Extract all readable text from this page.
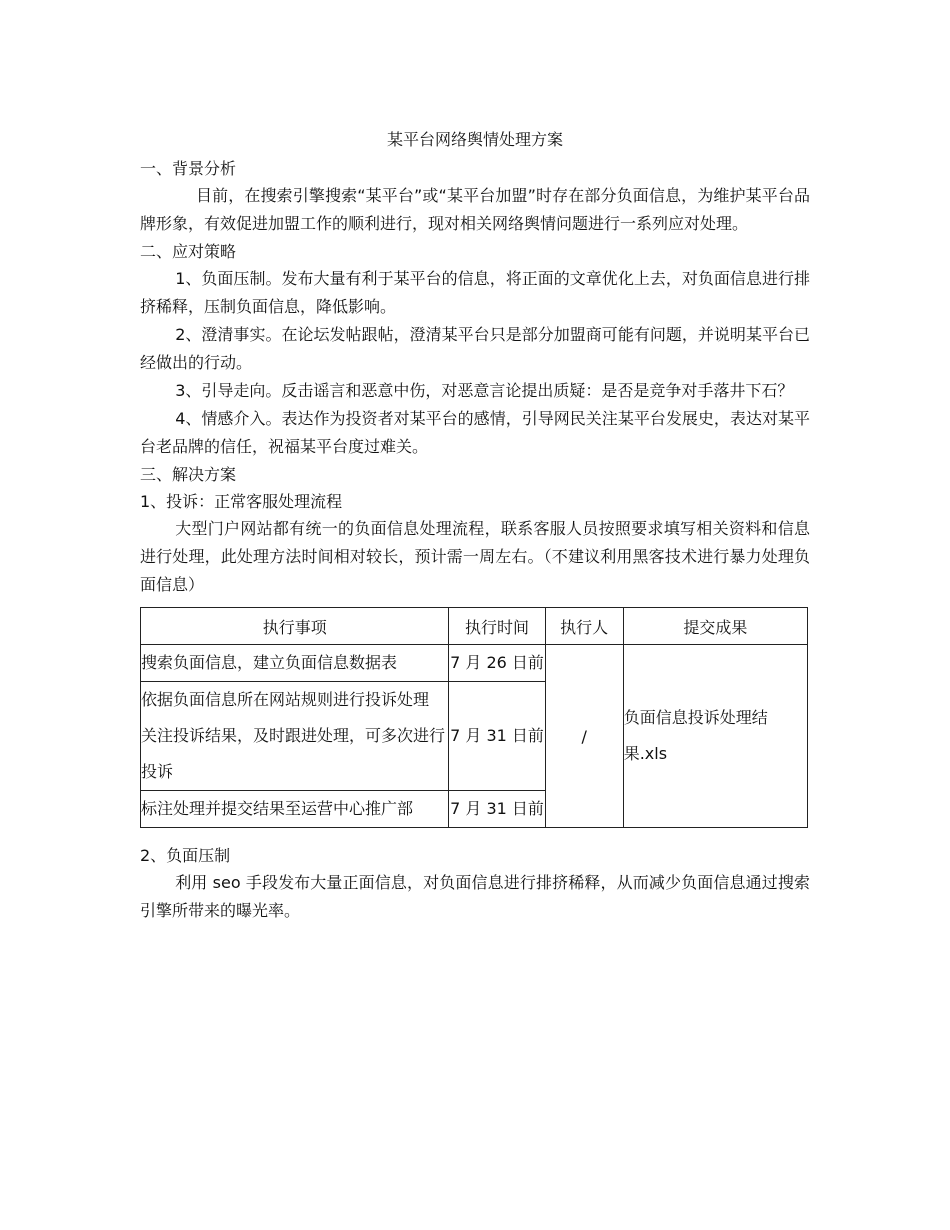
某平台网络舆情处理方案
一、背景分析

目前，在搜索引擎搜索“某平台”或“某平台加盟”时存在部分负面信息，为维护某平台品牌形象，有效促进加盟工作的顺利进行，现对相关网络舆情问题进行一系列应对处理。

二、应对策略

1、负面压制。发布大量有利于某平台的信息，将正面的文章优化上去，对负面信息进行排挤稀释，压制负面信息，降低影响。

2、澄清事实。在论坛发帖跟帖，澄清某平台只是部分加盟商可能有问题，并说明某平台已经做出的行动。

3、引导走向。反击谣言和恶意中伤，对恶意言论提出质疑：是否是竞争对手落井下石？

4、情感介入。表达作为投资者对某平台的感情，引导网民关注某平台发展史，表达对某平台老品牌的信任，祝福某平台度过难关。

三、解决方案
1、投诉：正常客服处理流程

大型门户网站都有统一的负面信息处理流程，联系客服人员按照要求填写相关资料和信息进行处理，此处理方法时间相对较长，预计需一周左右。（不建议利用黑客技术进行暴力处理负面信息）

执行事项	执行时间	执行人	提交成果
搜索负面信息，建立负面信息数据表	7 月 26 日前	/	负面信息投诉处理结果.xls

依据负面信息所在网站规则进行投诉处理
关注投诉结果，及时跟进处理，可多次进行投诉	7 月 31 日前		
标注处理并提交结果至运营中心推广部	7 月 31 日前		
2、负面压制

利用 seo 手段发布大量正面信息，对负面信息进行排挤稀释，从而减少负面信息通过搜索引擎所带来的曝光率。
